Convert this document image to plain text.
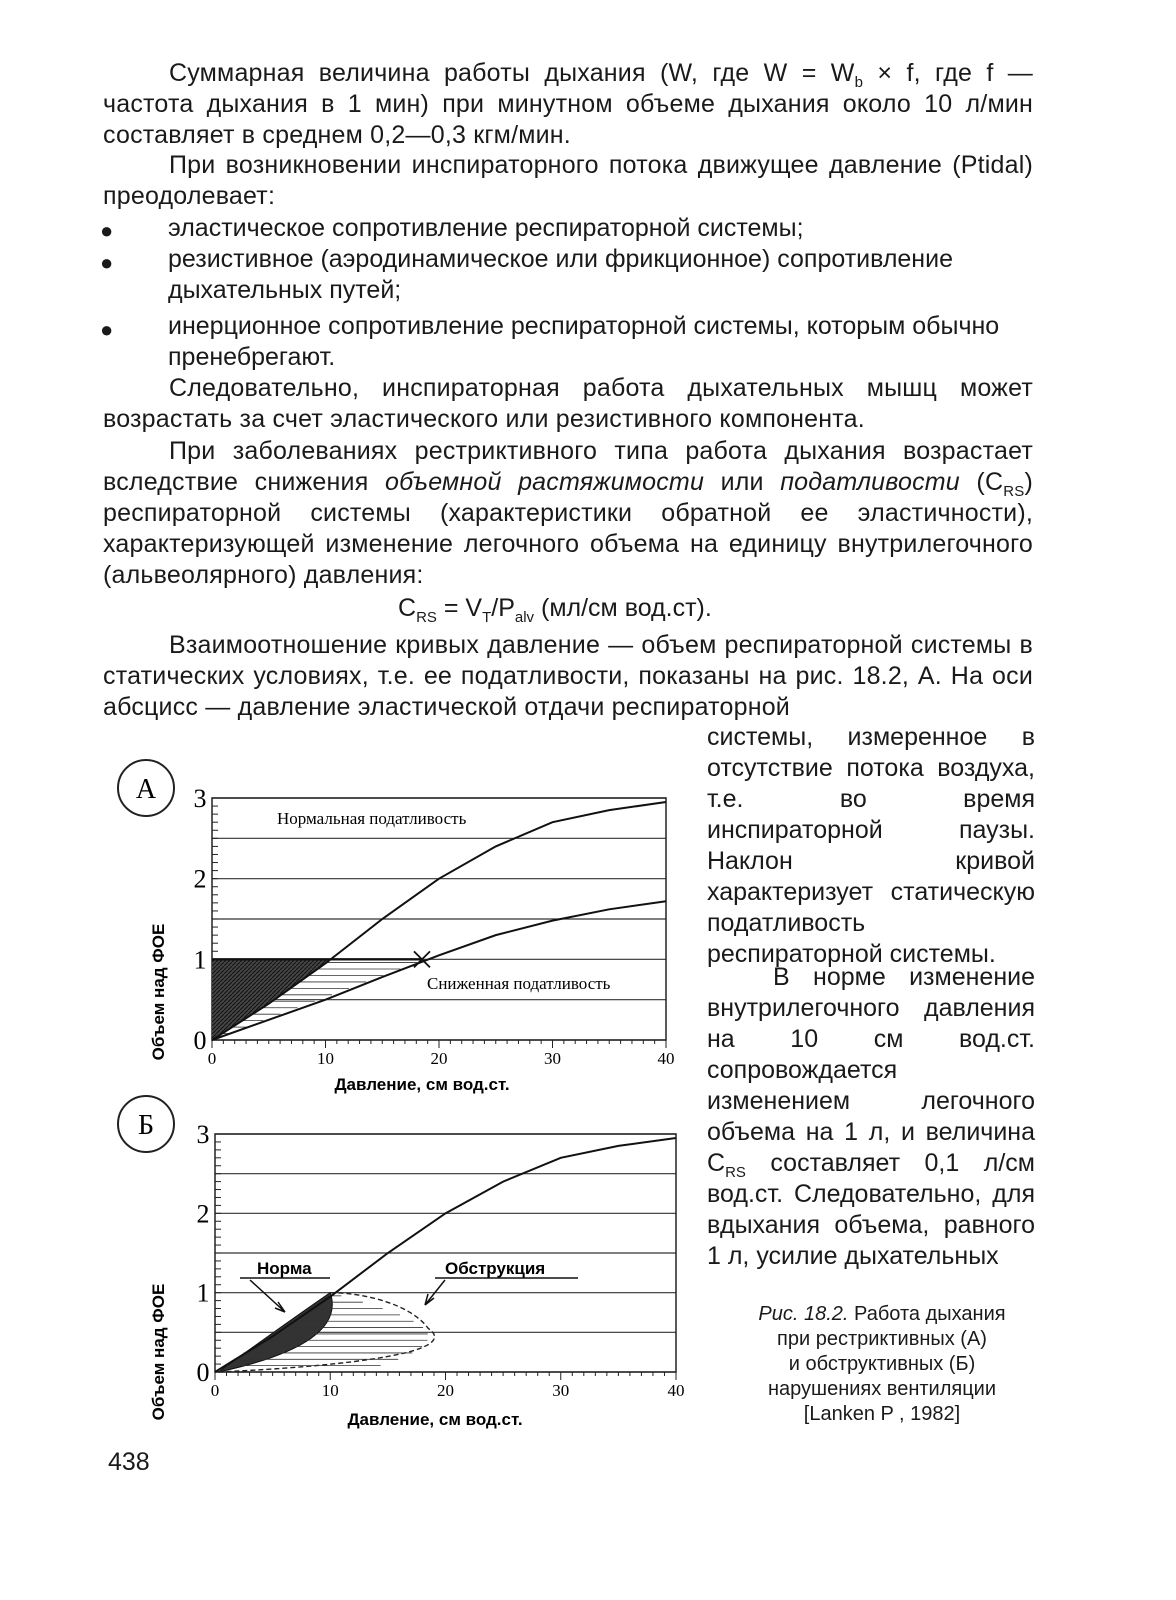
Суммарная величина работы дыхания (W, где $W = W_b \times f$, где f — частота дыхания в 1 мин) при минутном объеме дыхания около 10 л/мин составляет в среднем 0,2—0,3 кгм/мин.
При возникновении инспираторного потока движущее давление (Ptidal) преодолевает:
● эластическое сопротивление респираторной системы;
● резистивное (аэродинамическое или фрикционное) сопротивление дыхательных путей;
● инерционное сопротивление респираторной системы, которым обычно пренебрегают.
Следовательно, инспираторная работа дыхательных мышц может возрастать за счет эластического или резистивного компонента.
При заболеваниях рестриктивного типа работа дыхания возрастает вследствие снижения объемной растяжимости или податливости $(C_{RS})$ респираторной системы (характеристики обратной ее эластичности), характеризующей изменение легочного объема на единицу внутрилегочного (альвеолярного) давления:
$C_{RS} = V_T/P_{alv}$ (мл/см вод.ст).
Взаимоотношение кривых давление — объем респираторной системы в статических условиях, т.е. ее податливости, показаны на рис. 18.2, А. На оси абсцисс — давление эластической отдачи респираторной
системы, измеренное в отсутствие потока воздуха, т.е. во время инспираторной паузы. Наклон кривой характеризует статическую податливость респираторной системы.
В норме изменение внутрилегочного давления на 10 см вод.ст. сопровождается изменением легочного объема на 1 л, и величина $C_{RS}$ составляет 0,1 л/см вод.ст. Следовательно, для вдыхания объема, равного 1 л, усилие дыхательных
Рис. 18.2. Работа дыхания
при рестриктивных (А)
и обструктивных (Б)
нарушениях вентиляции
[Lanken P , 1982]
438
А
Объем над ФОЕ
Давление, см вод.ст.
0	10	20	30	40
0
1
2
3
Нормальная податливость
Сниженная податливость
Б
Объем над ФОЕ	Давление, см вод.ст.
0	10	20	30	40
0
1
2
3
Норма	Обструкция
